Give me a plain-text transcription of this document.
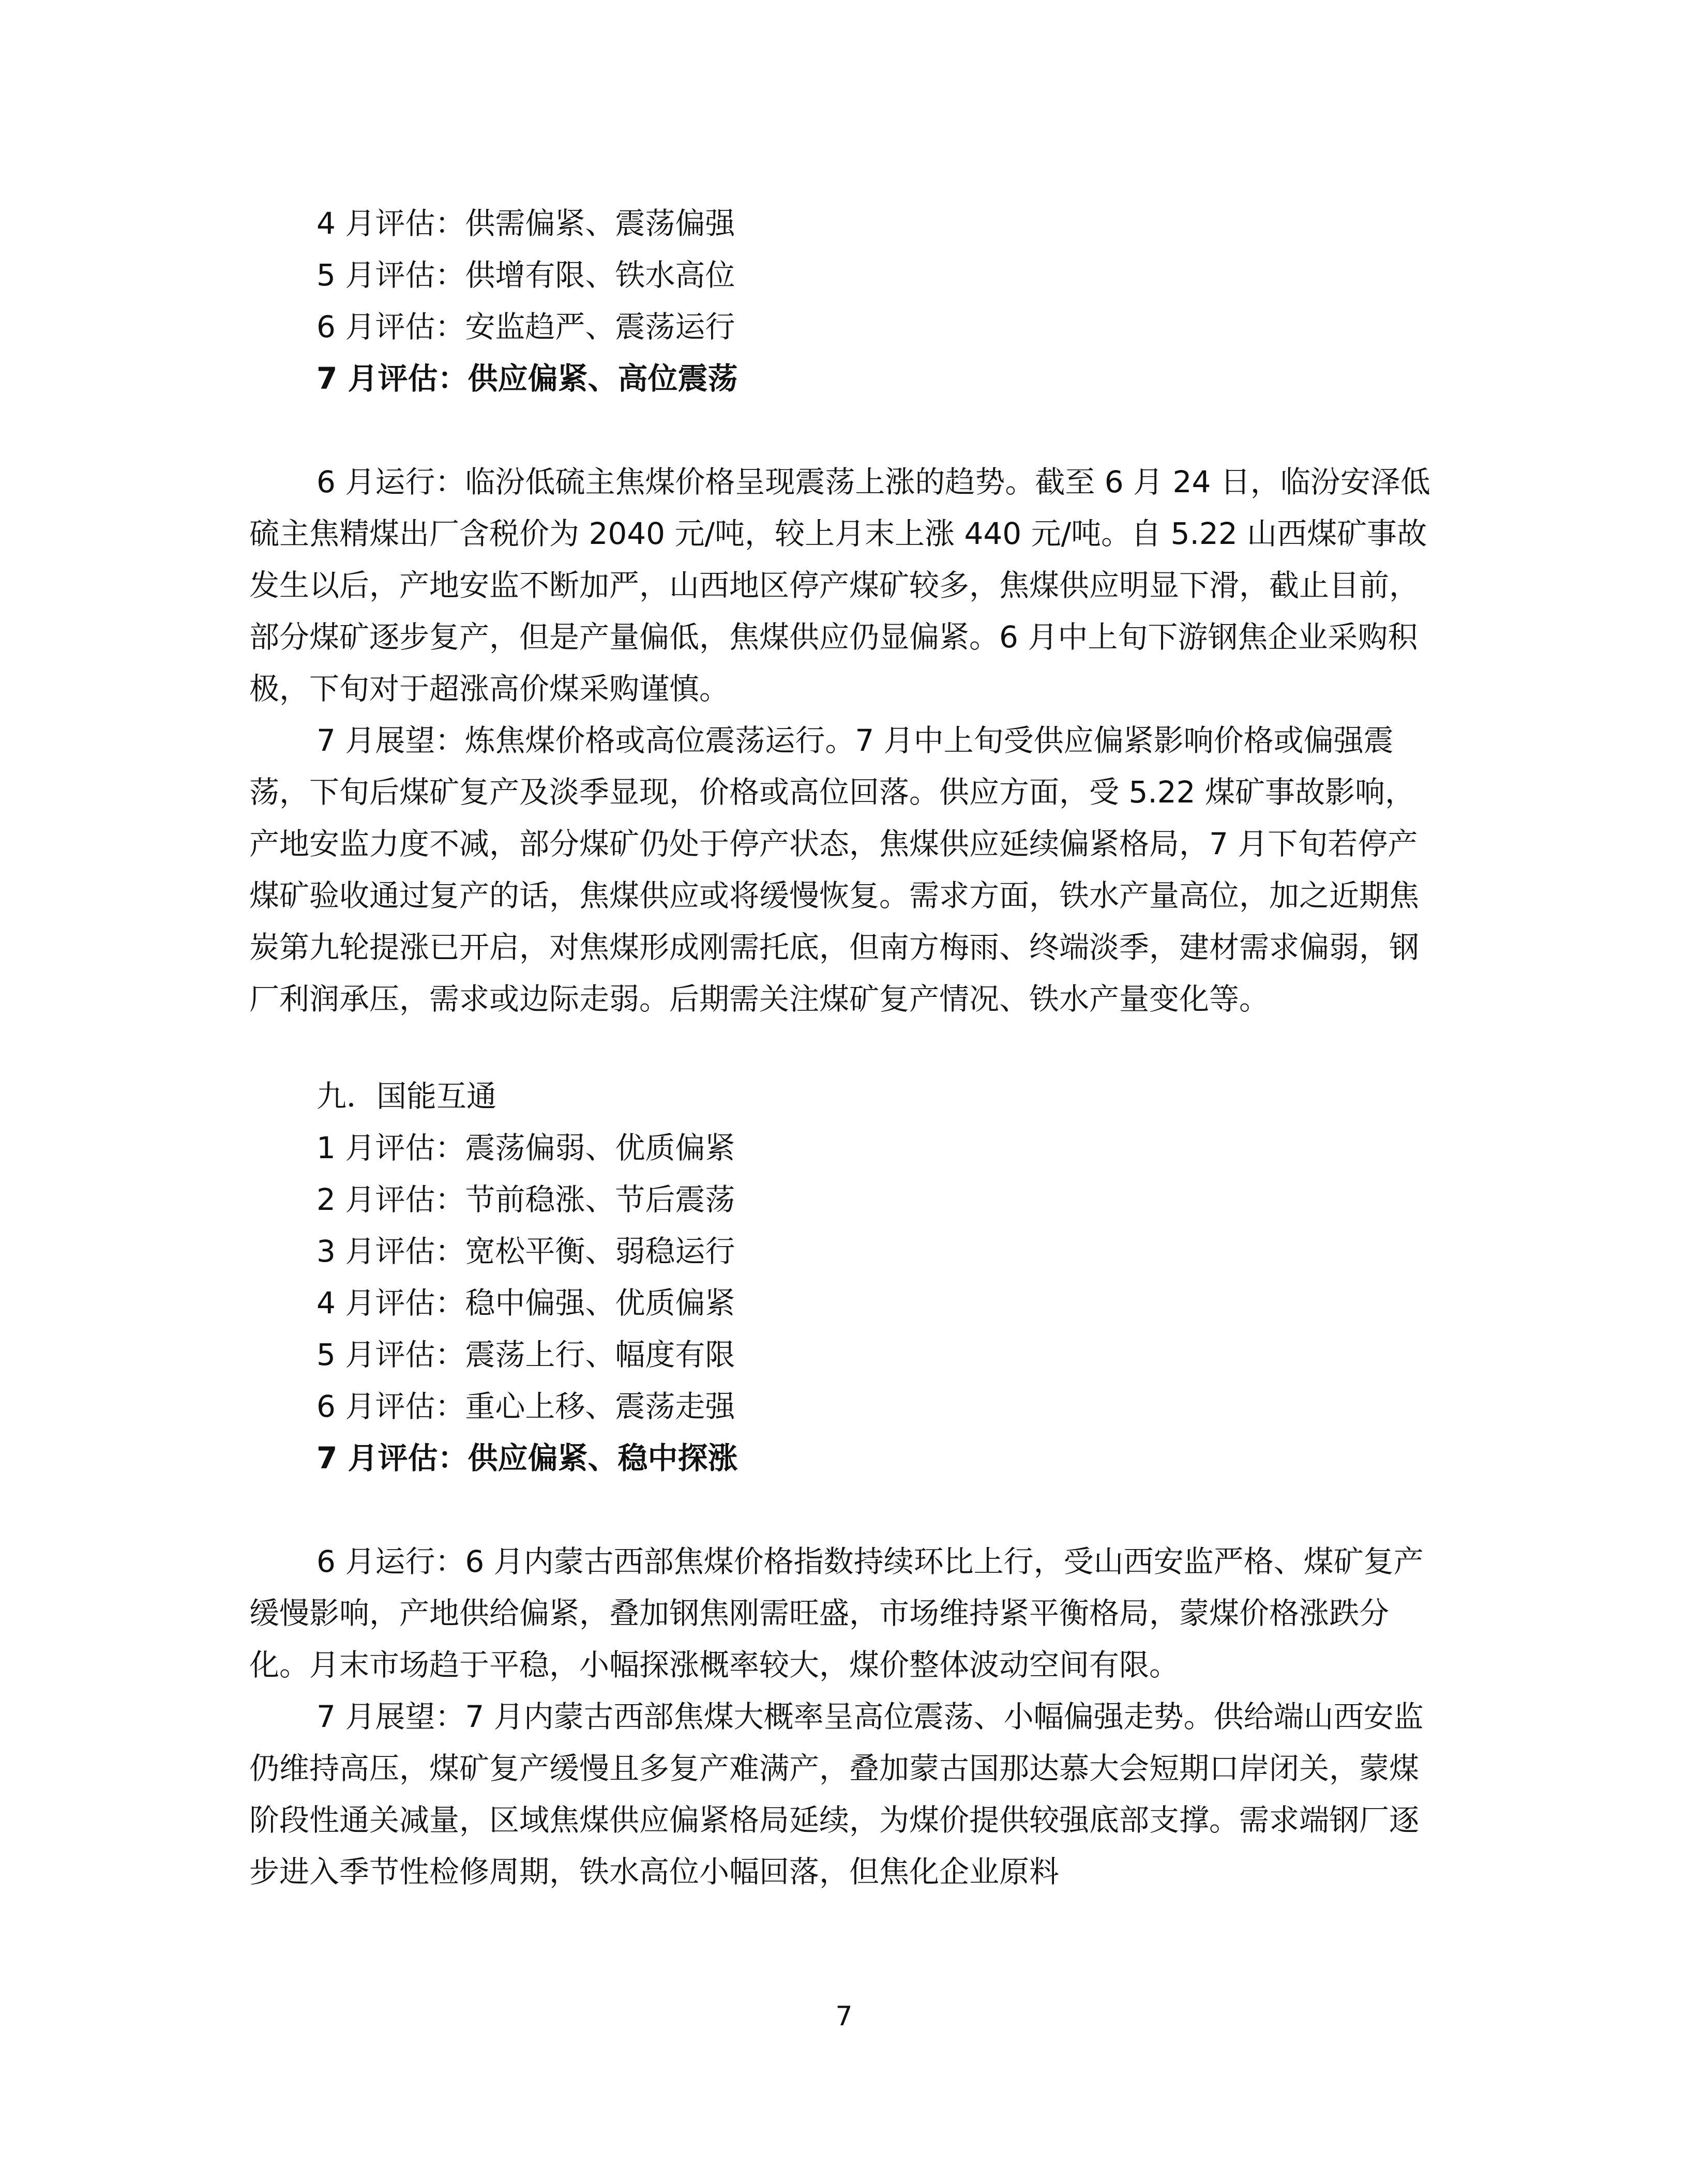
4 月评估：供需偏紧、震荡偏强

5 月评估：供增有限、铁水高位

6 月评估：安监趋严、震荡运行

7 月评估：供应偏紧、高位震荡

6 月运行：临汾低硫主焦煤价格呈现震荡上涨的趋势。截至 6 月 24 日，临汾安泽低硫主焦精煤出厂含税价为 2040 元/吨，较上月末上涨 440 元/吨。自 5.22 山西煤矿事故发生以后，产地安监不断加严，山西地区停产煤矿较多，焦煤供应明显下滑，截止目前，部分煤矿逐步复产，但是产量偏低，焦煤供应仍显偏紧。6 月中上旬下游钢焦企业采购积极，下旬对于超涨高价煤采购谨慎。

7 月展望：炼焦煤价格或高位震荡运行。7 月中上旬受供应偏紧影响价格或偏强震荡，下旬后煤矿复产及淡季显现，价格或高位回落。供应方面，受 5.22 煤矿事故影响，产地安监力度不减，部分煤矿仍处于停产状态，焦煤供应延续偏紧格局，7 月下旬若停产煤矿验收通过复产的话，焦煤供应或将缓慢恢复。需求方面，铁水产量高位，加之近期焦炭第九轮提涨已开启，对焦煤形成刚需托底，但南方梅雨、终端淡季，建材需求偏弱，钢厂利润承压，需求或边际走弱。后期需关注煤矿复产情况、铁水产量变化等。

九．国能互通

1 月评估：震荡偏弱、优质偏紧

2 月评估：节前稳涨、节后震荡

3 月评估：宽松平衡、弱稳运行

4 月评估：稳中偏强、优质偏紧

5 月评估：震荡上行、幅度有限

6 月评估：重心上移、震荡走强

7 月评估：供应偏紧、稳中探涨

6 月运行：6 月内蒙古西部焦煤价格指数持续环比上行，受山西安监严格、煤矿复产缓慢影响，产地供给偏紧，叠加钢焦刚需旺盛，市场维持紧平衡格局，蒙煤价格涨跌分化。月末市场趋于平稳，小幅探涨概率较大，煤价整体波动空间有限。

7 月展望：7 月内蒙古西部焦煤大概率呈高位震荡、小幅偏强走势。供给端山西安监仍维持高压，煤矿复产缓慢且多复产难满产，叠加蒙古国那达慕大会短期口岸闭关，蒙煤阶段性通关减量，区域焦煤供应偏紧格局延续，为煤价提供较强底部支撑。需求端钢厂逐步进入季节性检修周期，铁水高位小幅回落，但焦化企业原料

7
